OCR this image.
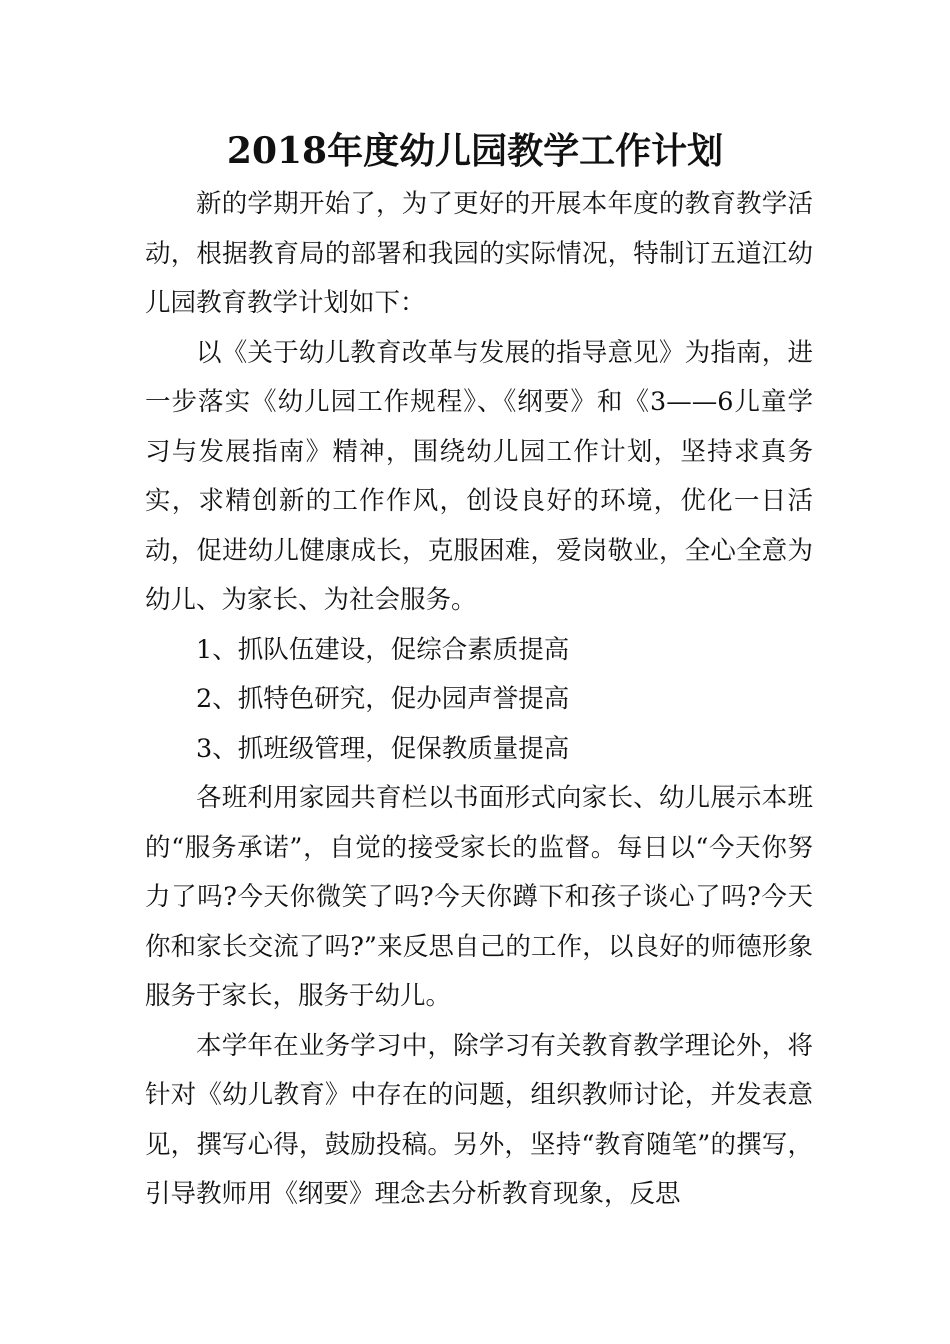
2018年度幼儿园教学工作计划

新的学期开始了，为了更好的开展本年度的教育教学活动，根据教育局的部署和我园的实际情况，特制订五道江幼儿园教育教学计划如下：

以《关于幼儿教育改革与发展的指导意见》为指南，进一步落实《幼儿园工作规程》、《纲要》和《3——6儿童学习与发展指南》精神，围绕幼儿园工作计划，坚持求真务实，求精创新的工作作风，创设良好的环境，优化一日活动，促进幼儿健康成长，克服困难，爱岗敬业，全心全意为幼儿、为家长、为社会服务。

1、抓队伍建设，促综合素质提高

2、抓特色研究，促办园声誉提高

3、抓班级管理，促保教质量提高

各班利用家园共育栏以书面形式向家长、幼儿展示本班的“服务承诺”，自觉的接受家长的监督。每日以“今天你努力了吗?今天你微笑了吗?今天你蹲下和孩子谈心了吗?今天你和家长交流了吗?”来反思自己的工作，以良好的师德形象服务于家长，服务于幼儿。

本学年在业务学习中，除学习有关教育教学理论外，将针对《幼儿教育》中存在的问题，组织教师讨论，并发表意见，撰写心得，鼓励投稿。另外，坚持“教育随笔”的撰写，引导教师用《纲要》理念去分析教育现象，反思
